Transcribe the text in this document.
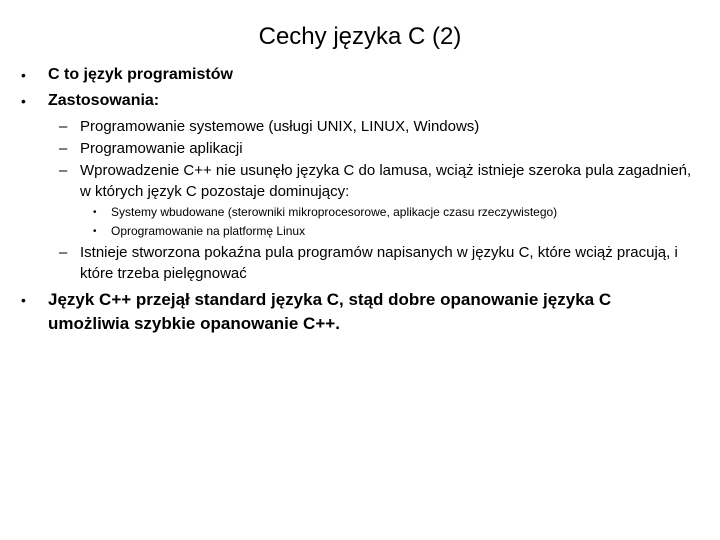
Cechy języka C (2)
• C to język programistów
• Zastosowania:
– Programowanie systemowe (usługi UNIX, LINUX, Windows)
– Programowanie aplikacji
– Wprowadzenie C++ nie usunęło języka C do lamusa, wciąż istnieje szeroka pula zagadnień, w których język C pozostaje dominujący:
• Systemy wbudowane (sterowniki mikroprocesorowe, aplikacje czasu rzeczywistego)
• Oprogramowanie na platformę Linux
– Istnieje stworzona pokaźna pula programów napisanych w języku C, które wciąż pracują, i które trzeba pielęgnować
• Język C++ przejął standard języka C, stąd dobre opanowanie języka C umożliwia szybkie opanowanie C++.
